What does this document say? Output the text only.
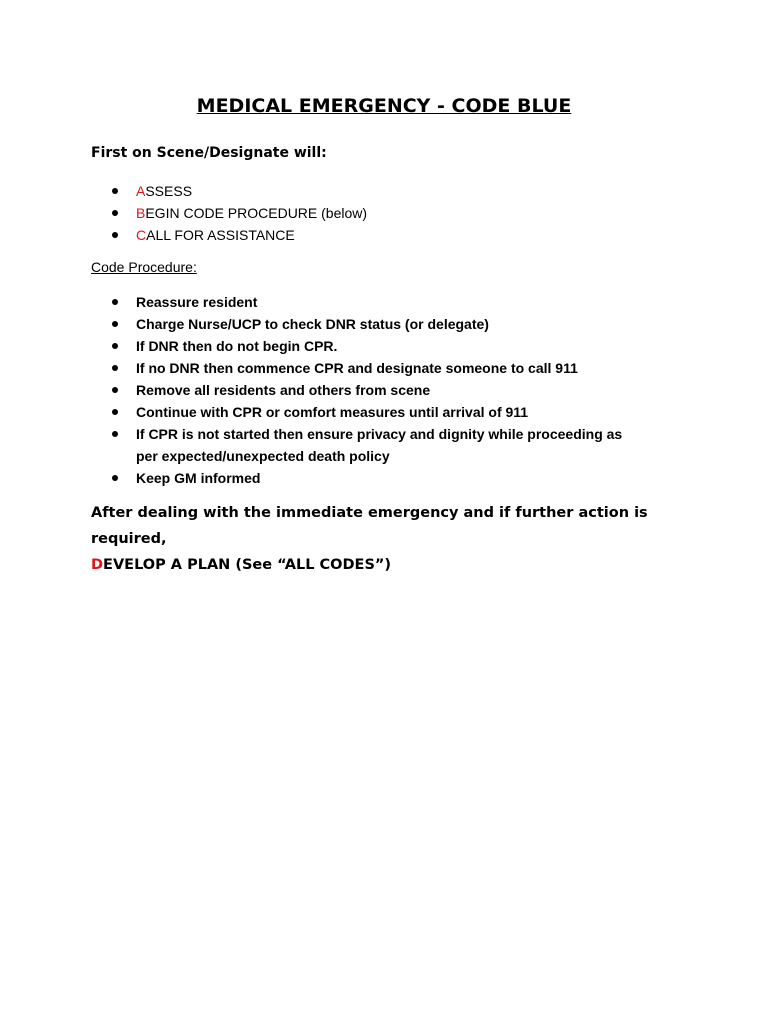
MEDICAL EMERGENCY - CODE BLUE
First on Scene/Designate will:
ASSESS
BEGIN CODE PROCEDURE (below)
CALL FOR ASSISTANCE
Code Procedure:
Reassure resident
Charge Nurse/UCP to check DNR status (or delegate)
If DNR then do not begin CPR.
If no DNR then commence CPR and designate someone to call 911
Remove all residents and others from scene
Continue with CPR or comfort measures until arrival of 911
If CPR is not started then ensure privacy and dignity while proceeding as
per expected/unexpected death policy
Keep GM informed
After dealing with the immediate emergency and if further action is required,
DEVELOP A PLAN (See “ALL CODES”)
